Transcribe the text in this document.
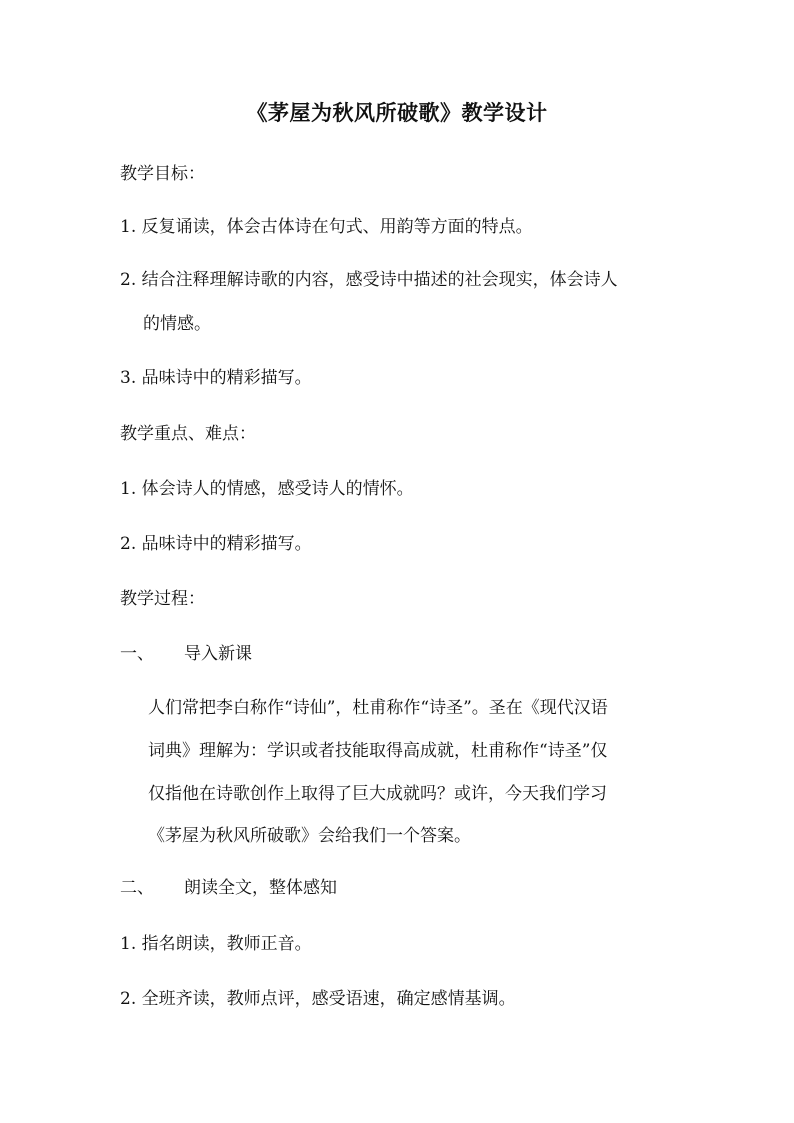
《茅屋为秋风所破歌》教学设计
教学目标：
1. 反复诵读，体会古体诗在句式、用韵等方面的特点。
2. 结合注释理解诗歌的内容，感受诗中描述的社会现实，体会诗人
的情感。
3. 品味诗中的精彩描写。
教学重点、难点：
1. 体会诗人的情感，感受诗人的情怀。
2. 品味诗中的精彩描写。
教学过程：
一、 导入新课
人们常把李白称作“诗仙”，杜甫称作“诗圣”。圣在《现代汉语
词典》理解为：学识或者技能取得高成就，杜甫称作“诗圣”仅
仅指他在诗歌创作上取得了巨大成就吗？或许，今天我们学习
《茅屋为秋风所破歌》会给我们一个答案。
二、 朗读全文，整体感知
1. 指名朗读，教师正音。
2. 全班齐读，教师点评，感受语速，确定感情基调。
